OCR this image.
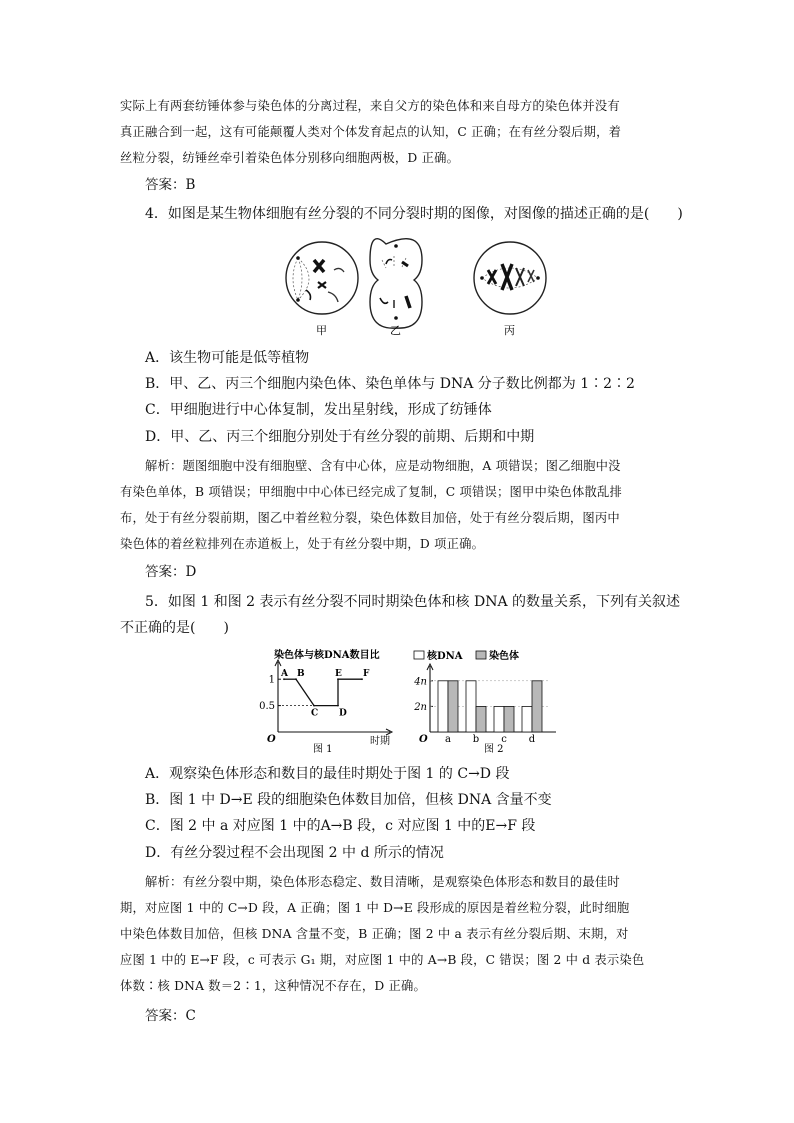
实际上有两套纺锤体参与染色体的分离过程，来自父方的染色体和来自母方的染色体并没有
真正融合到一起，这有可能颠覆人类对个体发育起点的认知，C 正确；在有丝分裂后期，着
丝粒分裂，纺锤丝牵引着染色体分别移向细胞两极，D 正确。
答案：B
4．如图是某生物体细胞有丝分裂的不同分裂时期的图像，对图像的描述正确的是(　　)
甲	乙	丙
A．该生物可能是低等植物
B．甲、乙、丙三个细胞内染色体、染色单体与 DNA 分子数比例都为 1∶2∶2
C．甲细胞进行中心体复制，发出星射线，形成了纺锤体
D．甲、乙、丙三个细胞分别处于有丝分裂的前期、后期和中期
解析：题图细胞中没有细胞壁、含有中心体，应是动物细胞，A 项错误；图乙细胞中没
有染色单体，B 项错误；甲细胞中中心体已经完成了复制，C 项错误；图甲中染色体散乱排
布，处于有丝分裂前期，图乙中着丝粒分裂，染色体数目加倍，处于有丝分裂后期，图丙中
染色体的着丝粒排列在赤道板上，处于有丝分裂中期，D 项正确。
答案：D
5．如图 1 和图 2 表示有丝分裂不同时期染色体和核 DNA 的数量关系，下列有关叙述
不正确的是(　　)
染色体与核DNA数目比
O	时期
图 1
1
0.5
A B
C D
E F
核DNA	染色体
O
图 2
4n
2n
a b c d
A．观察染色体形态和数目的最佳时期处于图 1 的 C→D 段
B．图 1 中 D→E 段的细胞染色体数目加倍，但核 DNA 含量不变
C．图 2 中 a 对应图 1 中的A→B 段，c 对应图 1 中的E→F 段
D．有丝分裂过程不会出现图 2 中 d 所示的情况
解析：有丝分裂中期，染色体形态稳定、数目清晰，是观察染色体形态和数目的最佳时
期，对应图 1 中的 C→D 段，A 正确；图 1 中 D→E 段形成的原因是着丝粒分裂，此时细胞
中染色体数目加倍，但核 DNA 含量不变，B 正确；图 2 中 a 表示有丝分裂后期、末期，对
应图 1 中的 E→F 段，c 可表示 G₁ 期，对应图 1 中的 A→B 段，C 错误；图 2 中 d 表示染色
体数∶核 DNA 数＝2∶1，这种情况不存在，D 正确。
答案：C
